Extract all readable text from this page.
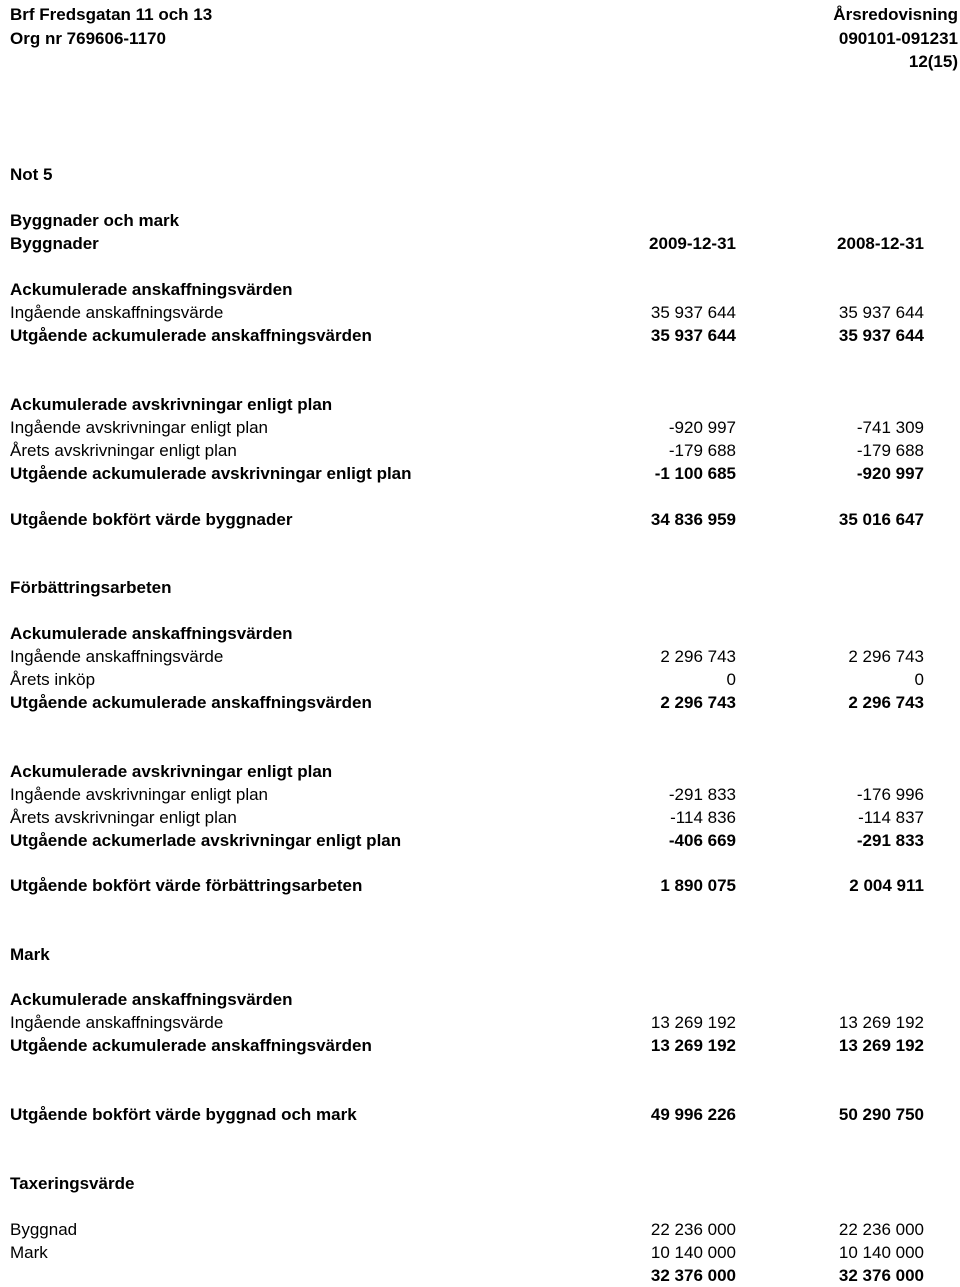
Brf Fredsgatan 11 och 13
Org nr 769606-1170
Årsredovisning
090101-091231
12(15)
Not 5
Byggnader och mark
Byggnader	2009-12-31	2008-12-31
Ackumulerade anskaffningsvärden
Ingående anskaffningsvärde	35 937 644	35 937 644
Utgående ackumulerade anskaffningsvärden	35 937 644	35 937 644
Ackumulerade avskrivningar enligt plan
Ingående avskrivningar enligt plan	-920 997	-741 309
Årets avskrivningar enligt plan	-179 688	-179 688
Utgående ackumulerade avskrivningar enligt plan	-1 100 685	-920 997
Utgående bokfört värde byggnader	34 836 959	35 016 647
Förbättringsarbeten
Ackumulerade anskaffningsvärden
Ingående anskaffningsvärde	2 296 743	2 296 743
Årets inköp	0	0
Utgående ackumulerade anskaffningsvärden	2 296 743	2 296 743
Ackumulerade avskrivningar enligt plan
Ingående avskrivningar enligt plan	-291 833	-176 996
Årets avskrivningar enligt plan	-114 836	-114 837
Utgående ackumerlade avskrivningar enligt plan	-406 669	-291 833
Utgående bokfört värde förbättringsarbeten	1 890 075	2 004 911
Mark
Ackumulerade anskaffningsvärden
Ingående anskaffningsvärde	13 269 192	13 269 192
Utgående ackumulerade anskaffningsvärden	13 269 192	13 269 192
Utgående bokfört värde byggnad och mark	49 996 226	50 290 750
Taxeringsvärde
Byggnad	22 236 000	22 236 000
Mark	10 140 000	10 140 000
32 376 000	32 376 000
